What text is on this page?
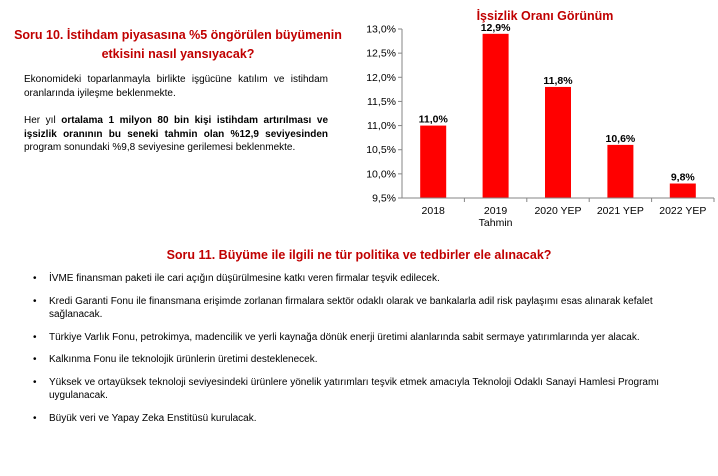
Soru 10. İstihdam piyasasına %5 öngörülen büyümenin etkisini nasıl yansıyacak?

Ekonomideki toparlanmayla birlikte işgücüne katılım ve istihdam oranlarında iyileşme beklenmekte.

Her yıl ortalama 1 milyon 80 bin kişi istihdam artırılması ve işsizlik oranının bu seneki tahmin olan %12,9 seviyesinden program sonundaki %9,8 seviyesine gerilemesi beklenmekte.

İşsizlik Oranı Görünüm
9,5%
10,0%
10,5%
11,0%
11,5%
12,0%
12,5%
13,0%
11,0%
12,9%
11,8%
10,6%
9,8%
2018	2019 Tahmin
2020 YEP 2021 YEP 2022 YEP
Soru 11. Büyüme ile ilgili ne tür politika ve tedbirler ele alınacak?
• İVME finansman paketi ile cari açığın düşürülmesine katkı veren firmalar teşvik edilecek.
• Kredi Garanti Fonu ile finansmana erişimde zorlanan firmalara sektör odaklı olarak ve bankalarla adil risk paylaşımı esas alınarak kefalet sağlanacak.
• Türkiye Varlık Fonu, petrokimya, madencilik ve yerli kaynağa dönük enerji üretimi alanlarında sabit sermaye yatırımlarında yer alacak.
• Kalkınma Fonu ile teknolojik ürünlerin üretimi desteklenecek.
• Yüksek ve ortayüksek teknoloji seviyesindeki ürünlere yönelik yatırımları teşvik etmek amacıyla Teknoloji Odaklı Sanayi Hamlesi Programı uygulanacak.
• Büyük veri ve Yapay Zeka Enstitüsü kurulacak.
